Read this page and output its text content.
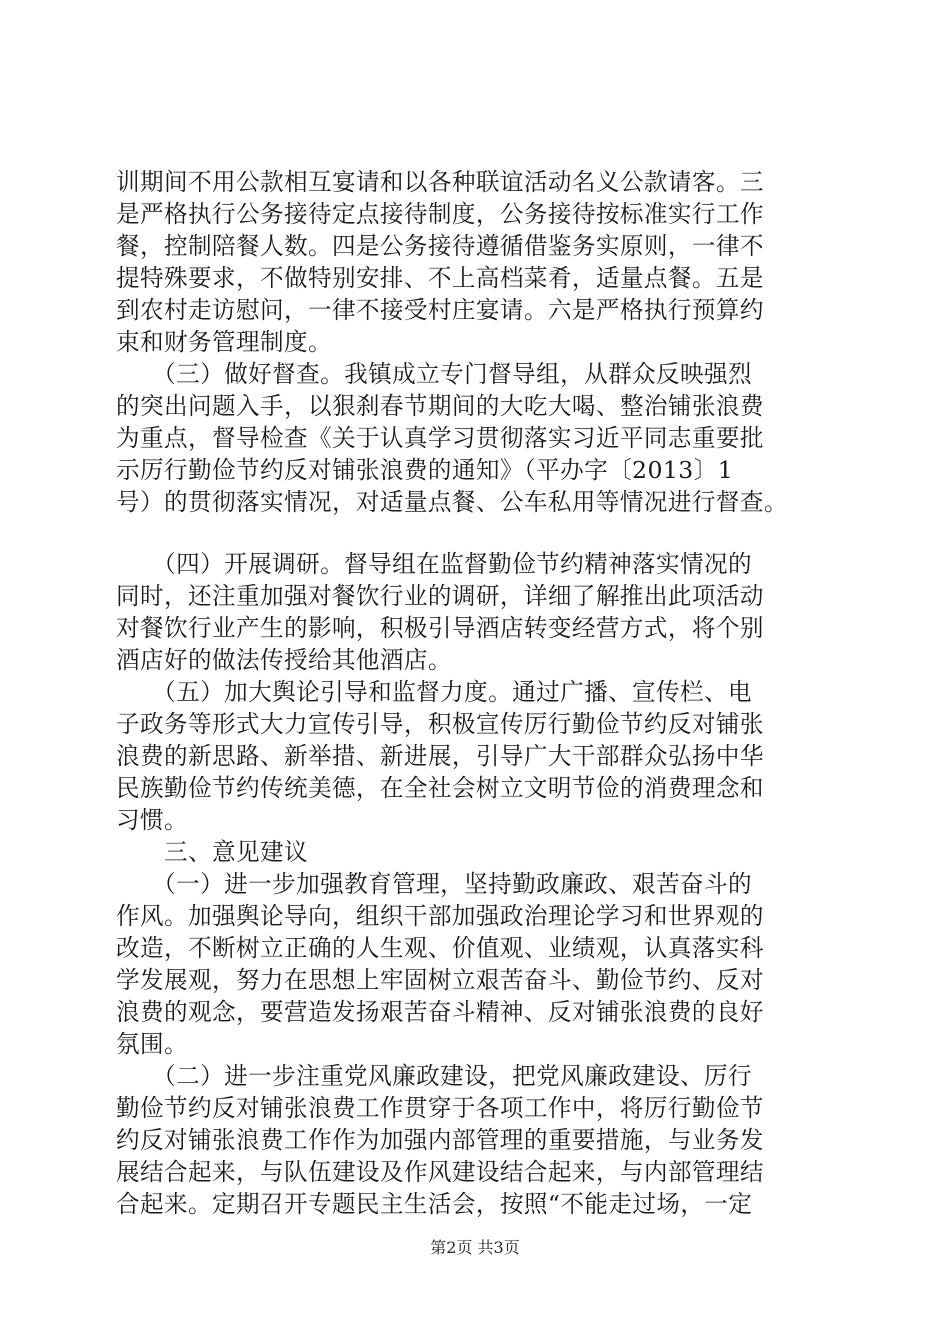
训期间不用公款相互宴请和以各种联谊活动名义公款请客。三
是严格执行公务接待定点接待制度，公务接待按标准实行工作
餐，控制陪餐人数。四是公务接待遵循借鉴务实原则，一律不
提特殊要求，不做特别安排、不上高档菜肴，适量点餐。五是
到农村走访慰问，一律不接受村庄宴请。六是严格执行预算约
束和财务管理制度。
　　（三）做好督查。我镇成立专门督导组，从群众反映强烈
的突出问题入手，以狠刹春节期间的大吃大喝、整治铺张浪费
为重点，督导检查《关于认真学习贯彻落实习近平同志重要批
示厉行勤俭节约反对铺张浪费的通知》（平办字〔2013〕1
号）的贯彻落实情况，对适量点餐、公车私用等情况进行督查。
　　（四）开展调研。督导组在监督勤俭节约精神落实情况的
同时，还注重加强对餐饮行业的调研，详细了解推出此项活动
对餐饮行业产生的影响，积极引导酒店转变经营方式，将个别
酒店好的做法传授给其他酒店。
　　（五）加大舆论引导和监督力度。通过广播、宣传栏、电
子政务等形式大力宣传引导，积极宣传厉行勤俭节约反对铺张
浪费的新思路、新举措、新进展，引导广大干部群众弘扬中华
民族勤俭节约传统美德，在全社会树立文明节俭的消费理念和
习惯。
　　三、意见建议
　　（一）进一步加强教育管理，坚持勤政廉政、艰苦奋斗的
作风。加强舆论导向，组织干部加强政治理论学习和世界观的
改造，不断树立正确的人生观、价值观、业绩观，认真落实科
学发展观，努力在思想上牢固树立艰苦奋斗、勤俭节约、反对
浪费的观念，要营造发扬艰苦奋斗精神、反对铺张浪费的良好
氛围。
　　（二）进一步注重党风廉政建设，把党风廉政建设、厉行
勤俭节约反对铺张浪费工作贯穿于各项工作中，将厉行勤俭节
约反对铺张浪费工作作为加强内部管理的重要措施，与业务发
展结合起来，与队伍建设及作风建设结合起来，与内部管理结
合起来。定期召开专题民主生活会，按照“不能走过场，一定
第2页 共3页
